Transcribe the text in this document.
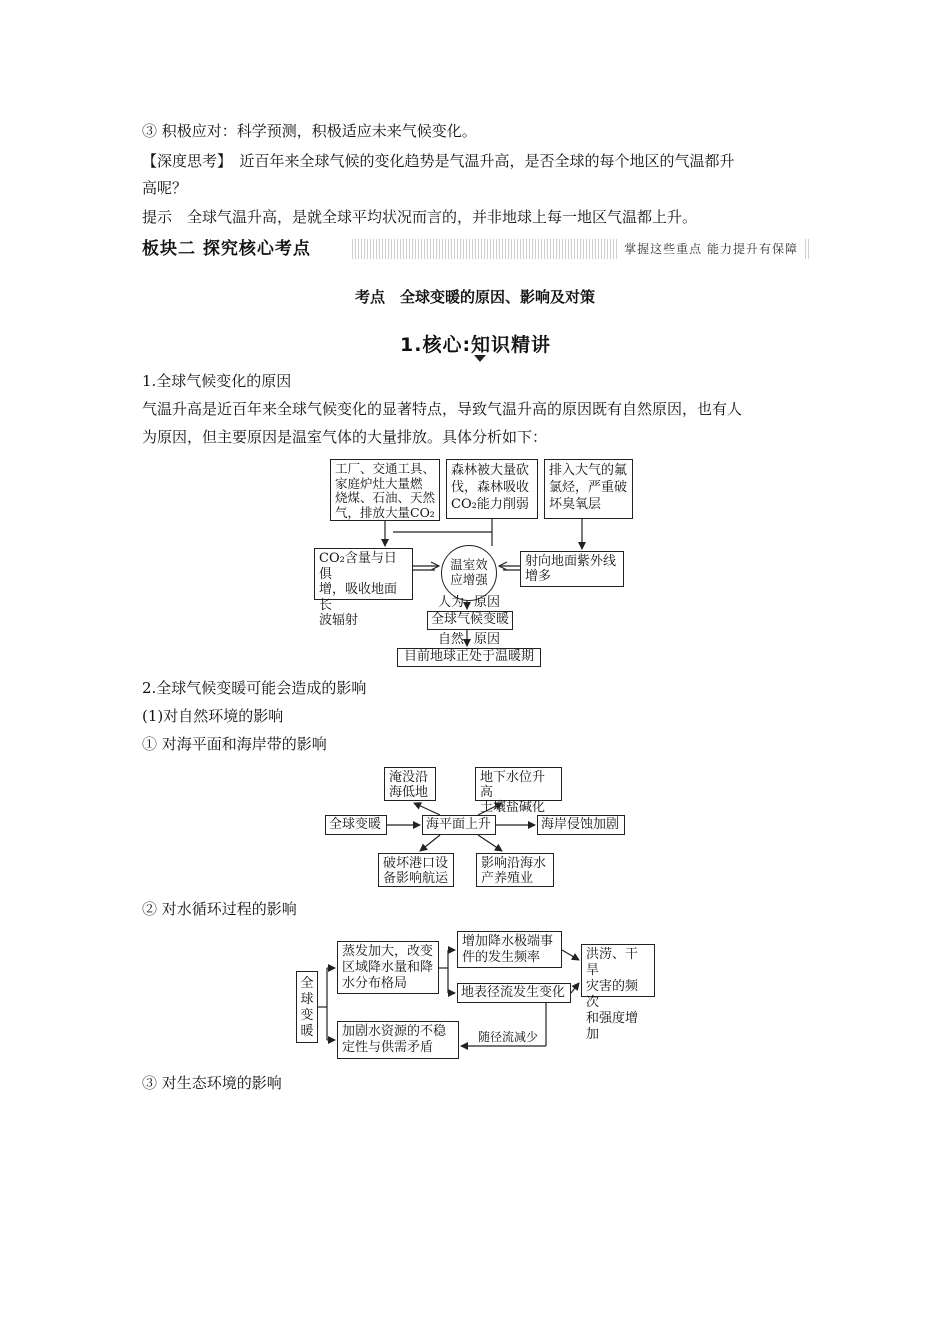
③ 积极应对：科学预测，积极适应未来气候变化。
【深度思考】　近百年来全球气候的变化趋势是气温升高，是否全球的每个地区的气温都升
高呢？
提示　全球气温升高，是就全球平均状况而言的，并非地球上每一地区气温都上升。
板块二 探究核心考点	掌握这些重点 能力提升有保障
考点　全球变暖的原因、影响及对策
1.核心:知识精讲
1.全球气候变化的原因
气温升高是近百年来全球气候变化的显著特点，导致气温升高的原因既有自然原因，也有人
为原因，但主要原因是温室气体的大量排放。具体分析如下：
工厂、交通工具、
家庭炉灶大量燃
烧煤、石油、天然
气，排放大量CO₂
森林被大量砍
伐，森林吸收
CO₂能力削弱
排入大气的氟
氯烃，严重破
坏臭氧层
CO₂含量与日俱
增，吸收地面长
波辐射
温室效
应增强
射向地面紫外线
增多
人为 原因
全球气候变暖
自然 原因
目前地球正处于温暖期
2.全球气候变暖可能会造成的影响
(1)对自然环境的影响
① 对海平面和海岸带的影响
淹没沿
海低地
地下水位升高
土壤盐碱化
全球变暖	海平面上升	海岸侵蚀加剧
破坏港口设
备影响航运
影响沿海水
产养殖业
② 对水循环过程的影响
全
球
变
暖
蒸发加大，改变
区域降水量和降
水分布格局
增加降水极端事
件的发生频率
地表径流发生变化
洪涝、干旱
灾害的频次
和强度增加
加剧水资源的不稳
定性与供需矛盾
随径流减少
③ 对生态环境的影响
